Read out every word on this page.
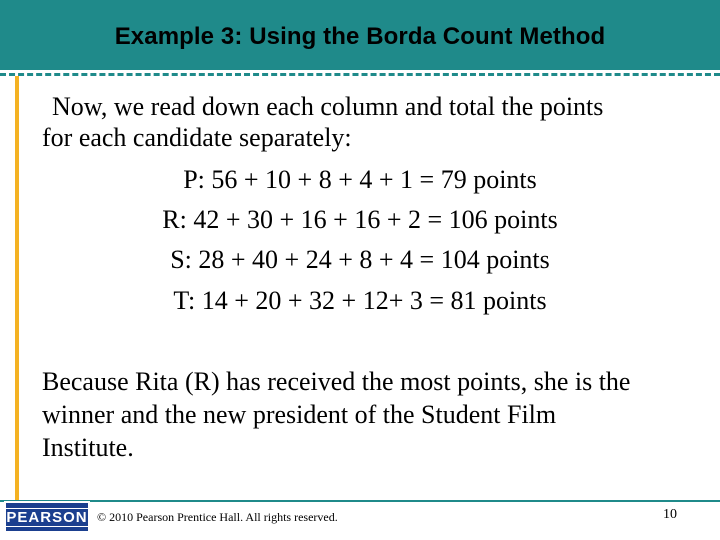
Example 3: Using the Borda Count Method
Now, we read down each column and total the points
for each candidate separately:
P: 56 + 10 + 8 + 4 + 1 = 79 points
R: 42 + 30 + 16 + 16 + 2 = 106 points
S: 28 + 40 + 24 + 8 + 4 = 104 points
T: 14 + 20 + 32 + 12+ 3 = 81 points
Because Rita (R) has received the most points, she is the
winner and the new president of the Student Film
Institute.
PEARSON © 2010 Pearson Prentice Hall. All rights reserved.	10
